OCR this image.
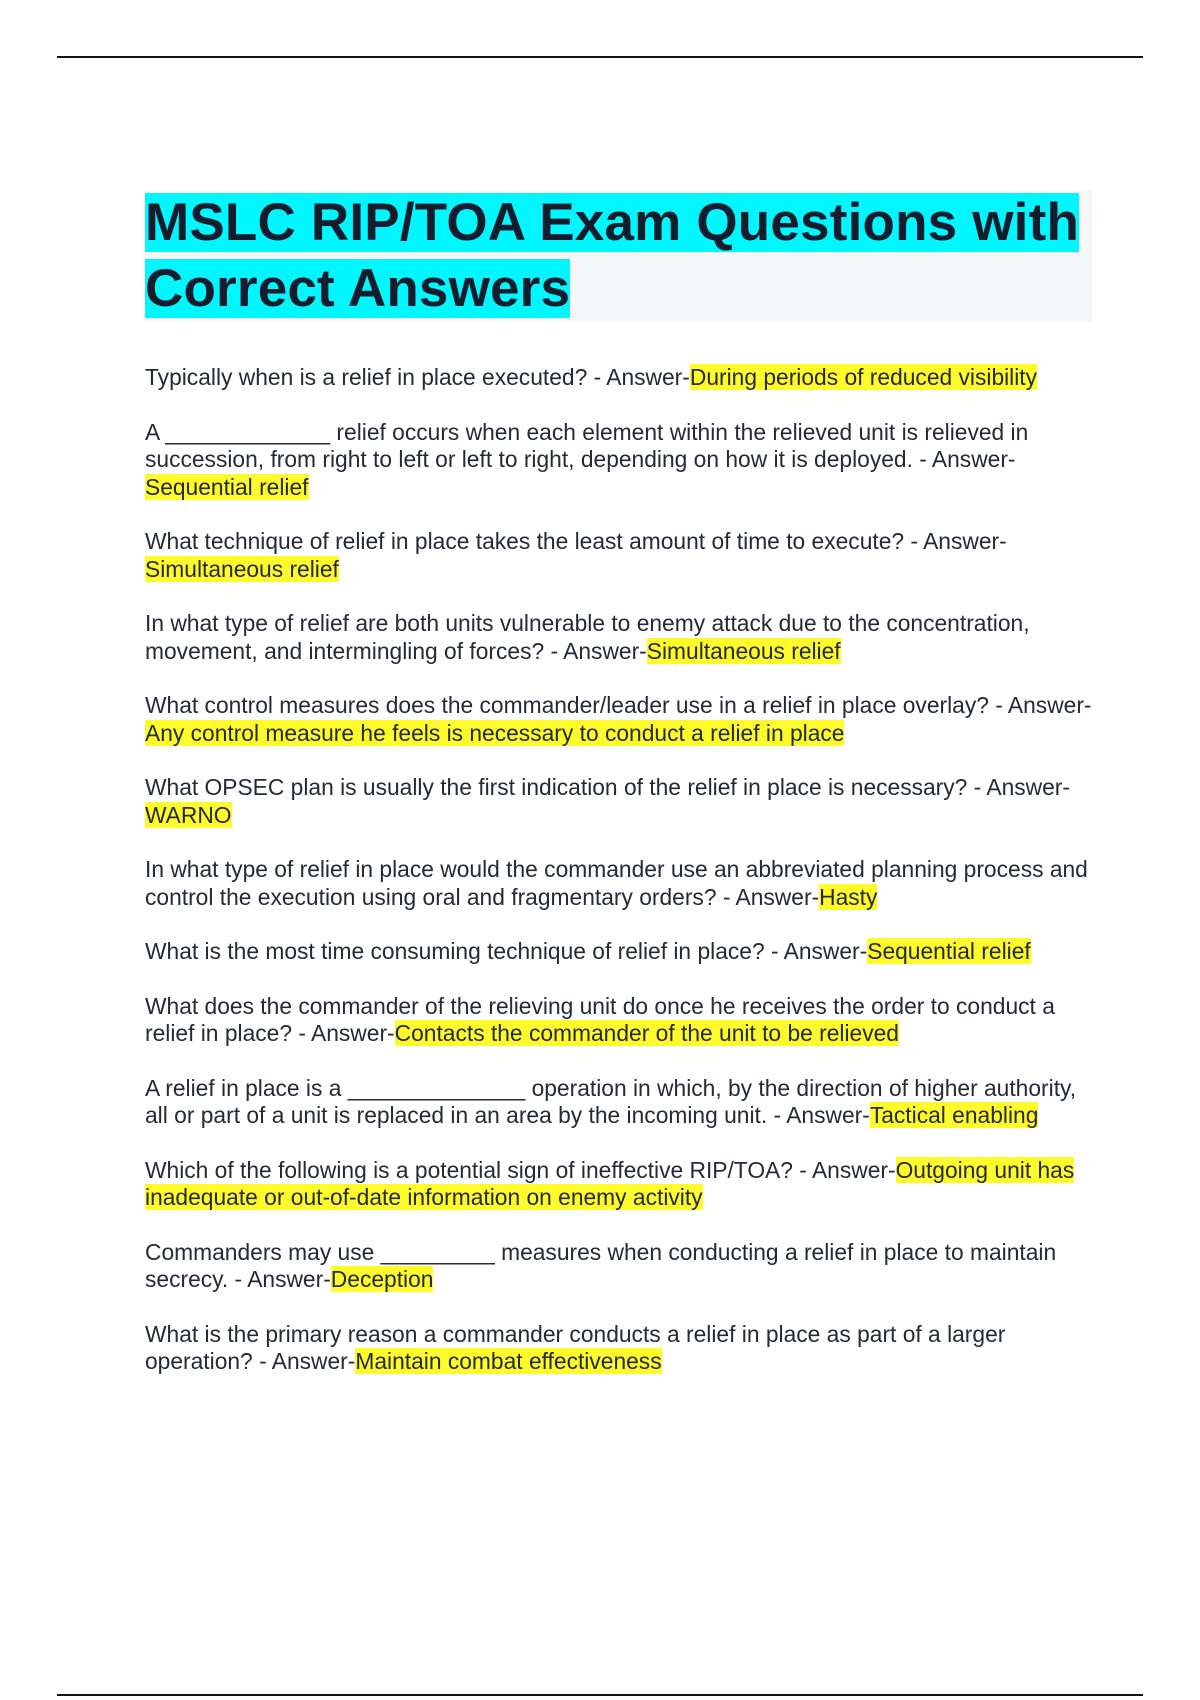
MSLC RIP/TOA Exam Questions with Correct Answers

Typically when is a relief in place executed? - Answer-During periods of reduced visibility

A _____________ relief occurs when each element within the relieved unit is relieved in succession, from right to left or left to right, depending on how it is deployed. - Answer-Sequential relief

What technique of relief in place takes the least amount of time to execute? - Answer-Simultaneous relief

In what type of relief are both units vulnerable to enemy attack due to the concentration, movement, and intermingling of forces? - Answer-Simultaneous relief

What control measures does the commander/leader use in a relief in place overlay? - Answer-Any control measure he feels is necessary to conduct a relief in place

What OPSEC plan is usually the first indication of the relief in place is necessary? - Answer-WARNO

In what type of relief in place would the commander use an abbreviated planning process and control the execution using oral and fragmentary orders? - Answer-Hasty

What is the most time consuming technique of relief in place? - Answer-Sequential relief

What does the commander of the relieving unit do once he receives the order to conduct a relief in place? - Answer-Contacts the commander of the unit to be relieved

A relief in place is a ______________ operation in which, by the direction of higher authority, all or part of a unit is replaced in an area by the incoming unit. - Answer-Tactical enabling

Which of the following is a potential sign of ineffective RIP/TOA? - Answer-Outgoing unit has inadequate or out-of-date information on enemy activity

Commanders may use _________ measures when conducting a relief in place to maintain secrecy. - Answer-Deception

What is the primary reason a commander conducts a relief in place as part of a larger operation? - Answer-Maintain combat effectiveness
